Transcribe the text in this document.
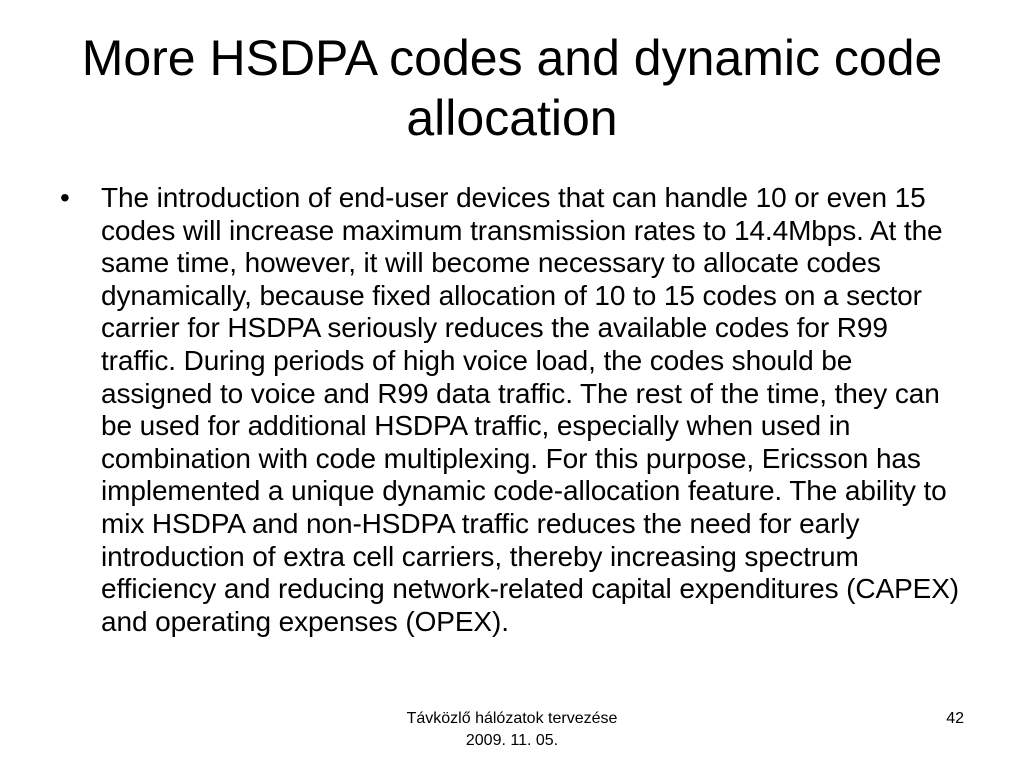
More HSDPA codes and dynamic code allocation
• The introduction of end-user devices that can handle 10 or even 15 codes will increase maximum transmission rates to 14.4Mbps. At the same time, however, it will become necessary to allocate codes dynamically, because fixed allocation of 10 to 15 codes on a sector carrier for HSDPA seriously reduces the available codes for R99 traffic. During periods of high voice load, the codes should be assigned to voice and R99 data traffic. The rest of the time, they can be used for additional HSDPA traffic, especially when used in combination with code multiplexing. For this purpose, Ericsson has implemented a unique dynamic code-allocation feature. The ability to mix HSDPA and non-HSDPA traffic reduces the need for early introduction of extra cell carriers, thereby increasing spectrum efficiency and reducing network-related capital expenditures (CAPEX) and operating expenses (OPEX).
Távközlő hálózatok tervezése
2009. 11. 05.
42
